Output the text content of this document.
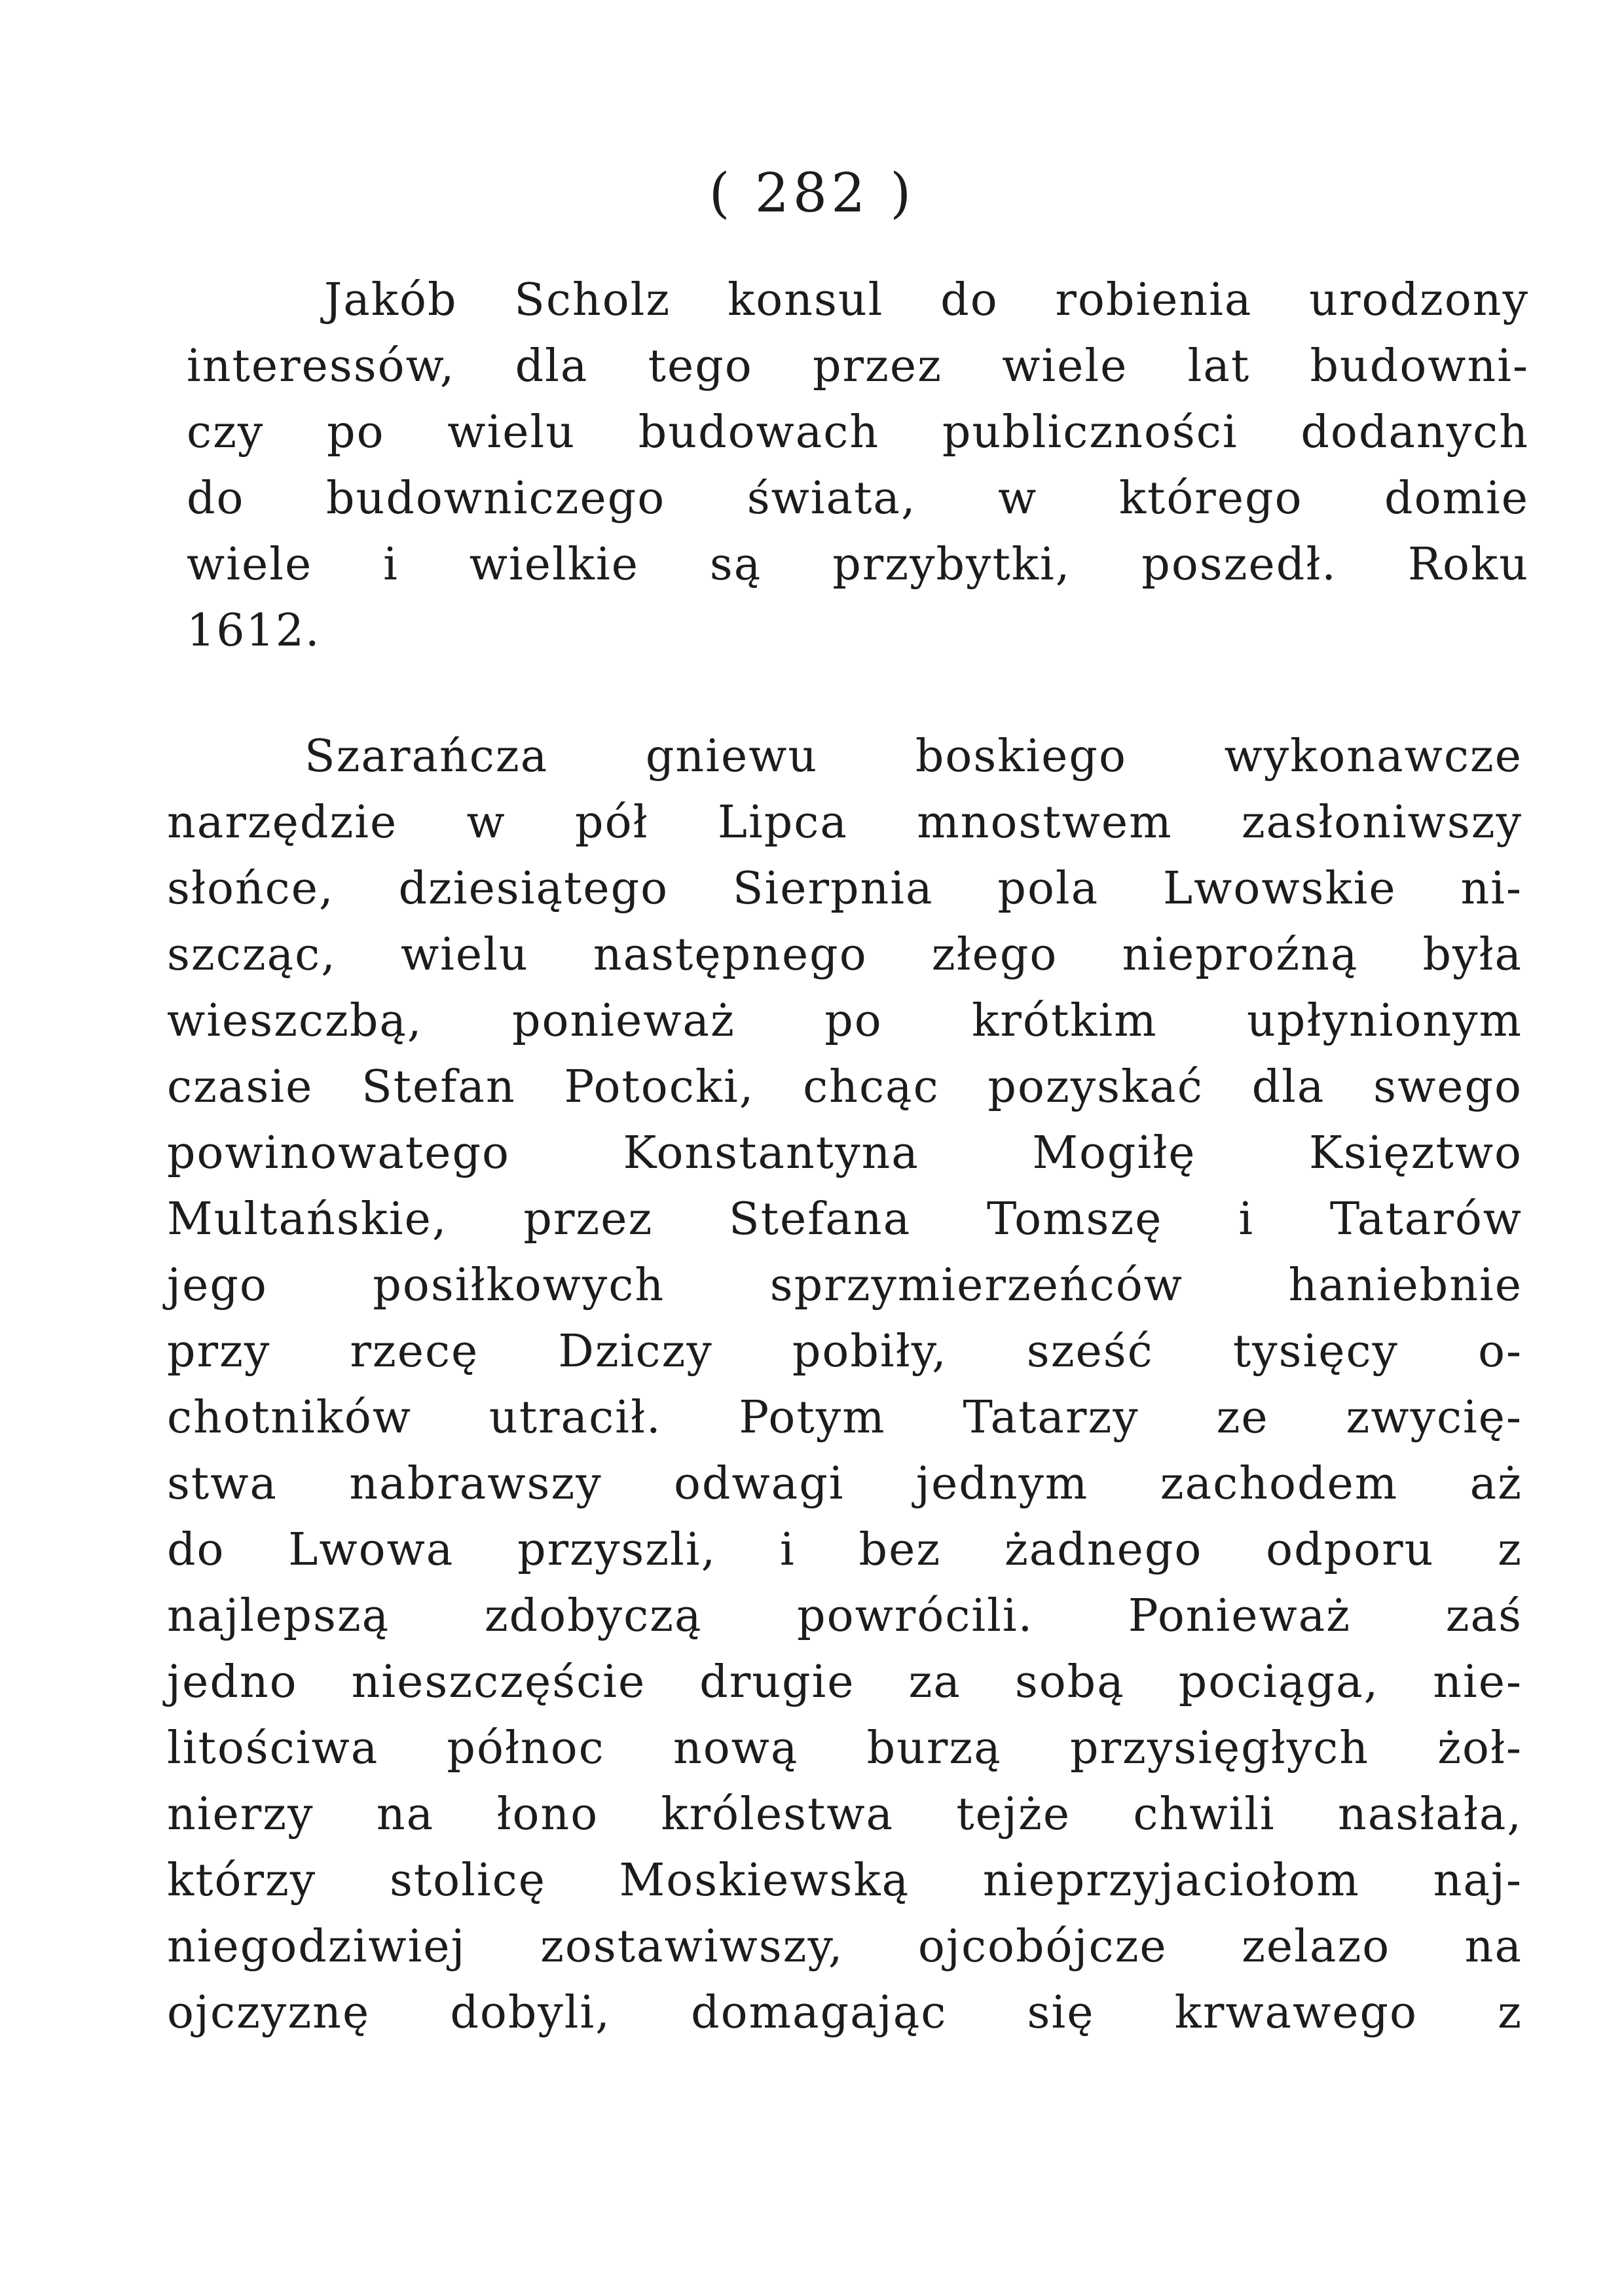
( 282 )
Jakób Scholz konsul do robienia urodzony
interessów, dla tego przez wiele lat budowni-
czy po wielu budowach publiczności dodanych
do budowniczego świata, w którego domie
wiele i wielkie są przybytki, poszedł. Roku
1612.
Szarańcza gniewu boskiego wykonawcze
narzędzie w pół Lipca mnostwem zasłoniwszy
słońce, dziesiątego Sierpnia pola Lwowskie ni-
szcząc, wielu następnego złego nieproźną była
wieszczbą, ponieważ po krótkim upłynionym
czasie Stefan Potocki, chcąc pozyskać dla swego
powinowatego Konstantyna Mogiłę Księztwo
Multańskie, przez Stefana Tomszę i Tatarów
jego posiłkowych sprzymierzeńców haniebnie
przy rzecę Dziczy pobiły, sześć tysięcy o-
chotników utracił. Potym Tatarzy ze zwycię-
stwa nabrawszy odwagi jednym zachodem aż
do Lwowa przyszli, i bez żadnego odporu z
najlepszą zdobyczą powrócili. Ponieważ zaś
jedno nieszczęście drugie za sobą pociąga, nie-
litościwa północ nową burzą przysięgłych żoł-
nierzy na łono królestwa tejże chwili nasłała,
którzy stolicę Moskiewską nieprzyjaciołom naj-
niegodziwiej zostawiwszy, ojcobójcze zelazo na
ojczyznę dobyli, domagając się krwawego z
